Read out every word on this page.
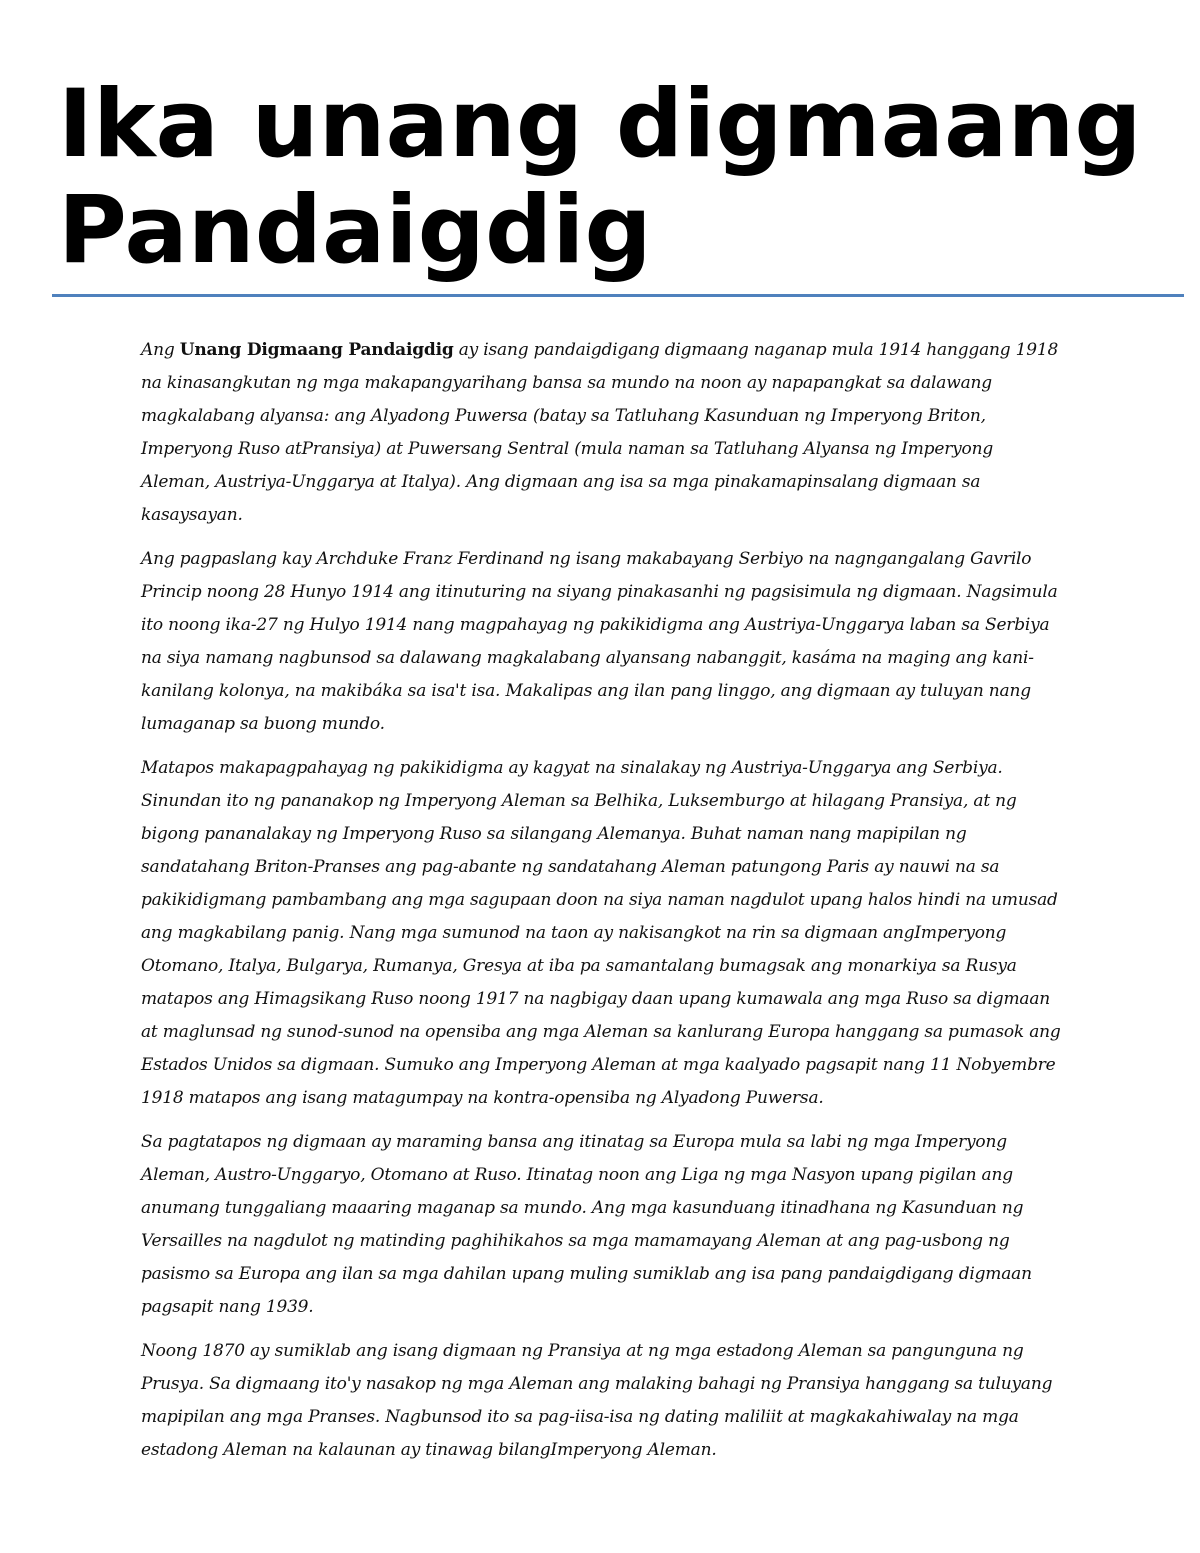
Ika unang digmaang Pandaigdig

Ang Unang Digmaang Pandaigdig ay isang pandaigdigang digmaang naganap mula 1914 hanggang 1918 na kinasangkutan ng mga makapangyarihang bansa sa mundo na noon ay napapangkat sa dalawang magkalabang alyansa: ang Alyadong Puwersa (batay sa Tatluhang Kasunduan ng Imperyong Briton, Imperyong Ruso atPransiya) at Puwersang Sentral (mula naman sa Tatluhang Alyansa ng Imperyong Aleman, Austriya-Unggarya at Italya). Ang digmaan ang isa sa mga pinakamapinsalang digmaan sa kasaysayan.

Ang pagpaslang kay Archduke Franz Ferdinand ng isang makabayang Serbiyo na nagngangalang Gavrilo Princip noong 28 Hunyo 1914 ang itinuturing na siyang pinakasanhi ng pagsisimula ng digmaan. Nagsimula ito noong ika-27 ng Hulyo 1914 nang magpahayag ng pakikidigma ang Austriya-Unggarya laban sa Serbiya na siya namang nagbunsod sa dalawang magkalabang alyansang nabanggit, kasáma na maging ang kani-kanilang kolonya, na makibáka sa isa't isa. Makalipas ang ilan pang linggo, ang digmaan ay tuluyan nang lumaganap sa buong mundo.

Matapos makapagpahayag ng pakikidigma ay kagyat na sinalakay ng Austriya-Unggarya ang Serbiya. Sinundan ito ng pananakop ng Imperyong Aleman sa Belhika, Luksemburgo at hilagang Pransiya, at ng bigong pananalakay ng Imperyong Ruso sa silangang Alemanya. Buhat naman nang mapipilan ng sandatahang Briton-Pranses ang pag-abante ng sandatahang Aleman patungong Paris ay nauwi na sa pakikidigmang pambambang ang mga sagupaan doon na siya naman nagdulot upang halos hindi na umusad ang magkabilang panig. Nang mga sumunod na taon ay nakisangkot na rin sa digmaan angImperyong Otomano, Italya, Bulgarya, Rumanya, Gresya at iba pa samantalang bumagsak ang monarkiya sa Rusya matapos ang Himagsikang Ruso noong 1917 na nagbigay daan upang kumawala ang mga Ruso sa digmaan at maglunsad ng sunod-sunod na opensiba ang mga Aleman sa kanlurang Europa hanggang sa pumasok ang Estados Unidos sa digmaan. Sumuko ang Imperyong Aleman at mga kaalyado pagsapit nang 11 Nobyembre 1918 matapos ang isang matagumpay na kontra-opensiba ng Alyadong Puwersa.

Sa pagtatapos ng digmaan ay maraming bansa ang itinatag sa Europa mula sa labi ng mga Imperyong Aleman, Austro-Unggaryo, Otomano at Ruso. Itinatag noon ang Liga ng mga Nasyon upang pigilan ang anumang tunggaliang maaaring maganap sa mundo. Ang mga kasunduang itinadhana ng Kasunduan ng Versailles na nagdulot ng matinding paghihikahos sa mga mamamayang Aleman at ang pag-usbong ng pasismo sa Europa ang ilan sa mga dahilan upang muling sumiklab ang isa pang pandaigdigang digmaan pagsapit nang 1939.

Noong 1870 ay sumiklab ang isang digmaan ng Pransiya at ng mga estadong Aleman sa pangunguna ng Prusya. Sa digmaang ito'y nasakop ng mga Aleman ang malaking bahagi ng Pransiya hanggang sa tuluyang mapipilan ang mga Pranses. Nagbunsod ito sa pag-iisa-isa ng dating maliliit at magkakahiwalay na mga estadong Aleman na kalaunan ay tinawag bilangImperyong Aleman.
